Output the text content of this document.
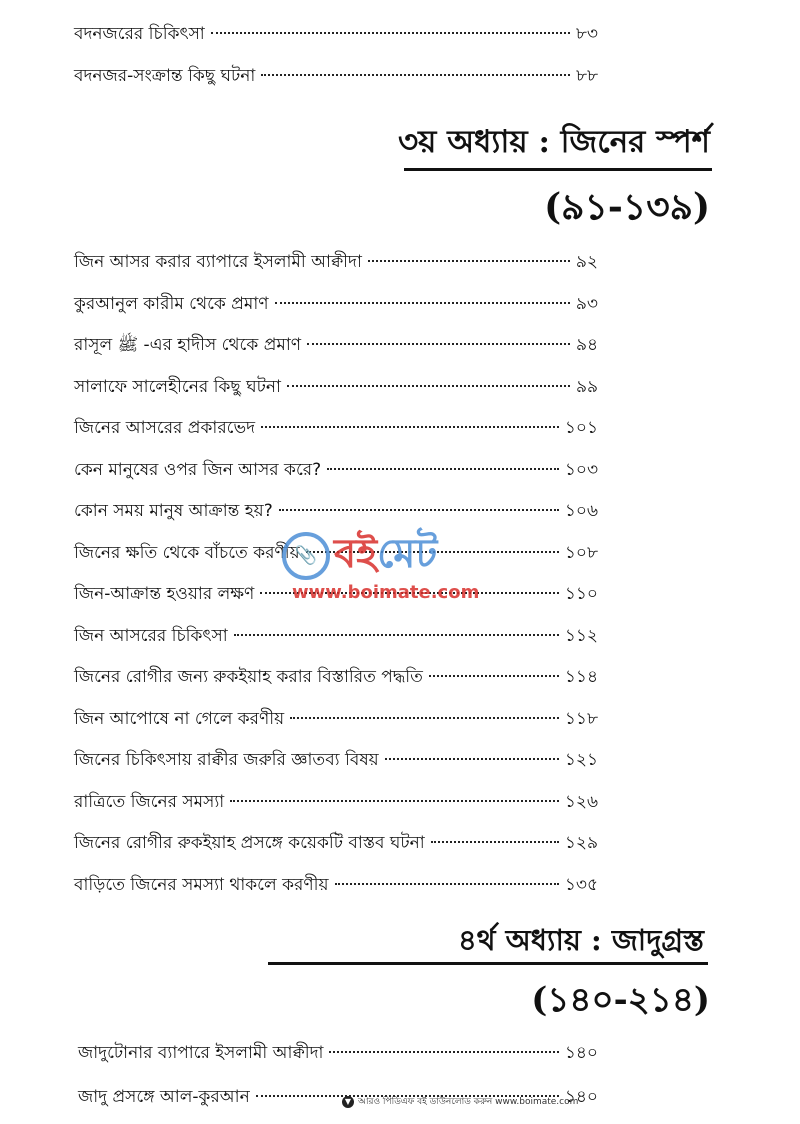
বদনজরের চিকিৎসা	৮৩
বদনজর-সংক্রান্ত কিছু ঘটনা	৮৮
৩য় অধ্যায় : জিনের স্পর্শ
(৯১-১৩৯)
জিন আসর করার ব্যাপারে ইসলামী আক্বীদা	৯২
কুরআনুল কারীম থেকে প্রমাণ	৯৩
রাসূল ﷺ -এর হাদীস থেকে প্রমাণ	৯৪
সালাফে সালেহীনের কিছু ঘটনা	৯৯
জিনের আসরের প্রকারভেদ	১০১
কেন মানুষের ওপর জিন আসর করে?	১০৩
কোন সময় মানুষ আক্রান্ত হয়?	১০৬
জিনের ক্ষতি থেকে বাঁচতে করণীয়	১০৮
জিন-আক্রান্ত হওয়ার লক্ষণ	১১০
জিন আসরের চিকিৎসা	১১২
জিনের রোগীর জন্য রুকইয়াহ করার বিস্তারিত পদ্ধতি	১১৪
জিন আপোষে না গেলে করণীয়	১১৮
জিনের চিকিৎসায় রাক্বীর জরুরি জ্ঞাতব্য বিষয়	১২১
রাত্রিতে জিনের সমস্যা	১২৬
জিনের রোগীর রুকইয়াহ প্রসঙ্গে কয়েকটি বাস্তব ঘটনা	১২৯
বাড়িতে জিনের সমস্যা থাকলে করণীয়	১৩৫
৪র্থ অধ্যায় : জাদুগ্রস্ত
(১৪০-২১৪)
জাদুটোনার ব্যাপারে ইসলামী আক্বীদা	১৪০
জাদু প্রসঙ্গে আল-কুরআন	১৪০
📎 বই মেট
www.boimate.com
▼ আরও পিডিএফ বই ডাউনলোড করুন www.boimate.com
